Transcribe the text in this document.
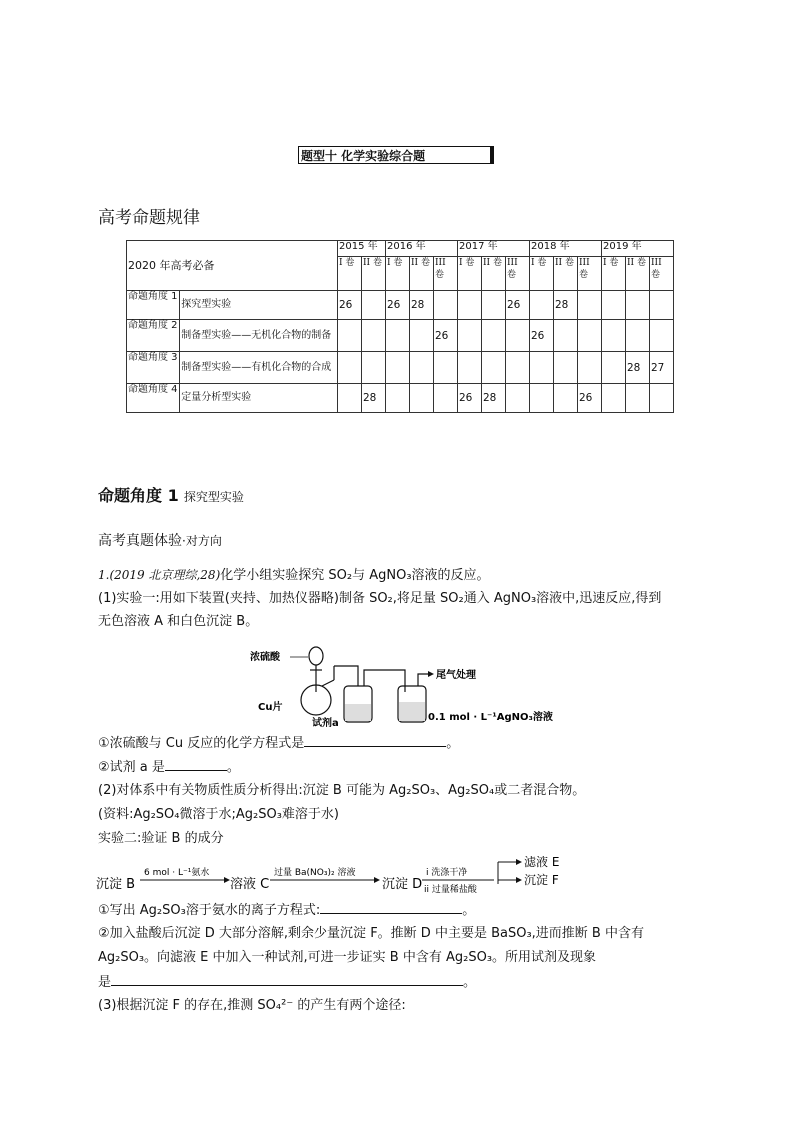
题型十 化学实验综合题
高考命题规律
2020 年高考必备		2015 年		2016 年			2017 年			2018 年			2019 年		
		I 卷	II 卷	I 卷	II 卷	III 卷	I 卷	II 卷	III 卷	I 卷	II 卷	III 卷	I 卷	II 卷	III 卷
命题角度 1	探究型实验	26		26	28				26		28				
命题角度 2	制备型实验——无机化合物的制备					26				26					
命题角度 3	制备型实验——有机化合物的合成													28	27
命题角度 4	定量分析型实验		28				26	28				26			
命题角度 1 探究型实验
高考真题体验·对方向
1.(2019 北京理综,28)化学小组实验探究 SO₂与 AgNO₃溶液的反应。
(1)实验一:用如下装置(夹持、加热仪器略)制备 SO₂,将足量 SO₂通入 AgNO₃溶液中,迅速反应,得到
无色溶液 A 和白色沉淀 B。
浓硫酸
尾气处理
Cu片
试剂a
0.1 mol · L⁻¹AgNO₃溶液
①浓硫酸与 Cu 反应的化学方程式是	。
②试剂 a 是	。
(2)对体系中有关物质性质分析得出:沉淀 B 可能为 Ag₂SO₃、Ag₂SO₄或二者混合物。
(资料:Ag₂SO₄微溶于水;Ag₂SO₃难溶于水)
实验二:验证 B 的成分
沉淀 B
6 mol · L⁻¹氨水
溶液 C
过量 Ba(NO₃)₂ 溶液
沉淀 D
i 洗涤干净
ii 过量稀盐酸
滤液 E
沉淀 F
①写出 Ag₂SO₃溶于氨水的离子方程式:	。
②加入盐酸后沉淀 D 大部分溶解,剩余少量沉淀 F。推断 D 中主要是 BaSO₃,进而推断 B 中含有
Ag₂SO₃。向滤液 E 中加入一种试剂,可进一步证实 B 中含有 Ag₂SO₃。所用试剂及现象
是	。
(3)根据沉淀 F 的存在,推测 SO₄²⁻ 的产生有两个途径:
